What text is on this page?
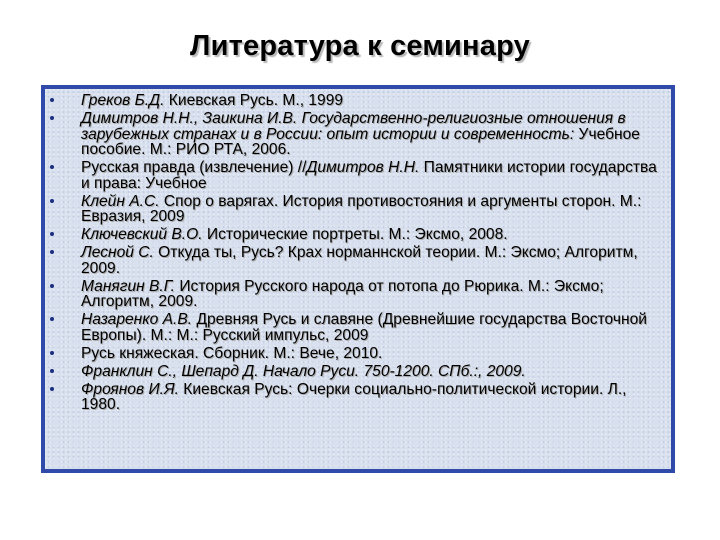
Литература к семинару
Греков Б.Д. Киевская Русь. М., 1999
Димитров Н.Н., Заикина И.В. Государственно-религиозные отношения в зарубежных странах и в России: опыт истории и современность: Учебное пособие. М.: РИО РТА, 2006.
Русская правда (извлечение) //Димитров Н.Н. Памятники истории государства и права: Учебное
Клейн А.С. Спор о варягах. История противостояния и аргументы сторон. М.: Евразия, 2009
Ключевский В.О. Исторические портреты. М.: Эксмо, 2008.
Лесной С. Откуда ты, Русь? Крах норманнской теории. М.: Эксмо; Алгоритм, 2009.
Манягин В.Г. История Русского народа от потопа до Рюрика. М.: Эксмо; Алгоритм, 2009.
Назаренко А.В. Древняя Русь и славяне (Древнейшие государства Восточной Европы). М.: М.: Русский импульс, 2009
Русь княжеская. Сборник. М.: Вече, 2010.
Франклин С., Шепард Д. Начало Руси. 750-1200. СПб.:, 2009.
Фроянов И.Я. Киевская Русь: Очерки социально-политической истории. Л., 1980.
